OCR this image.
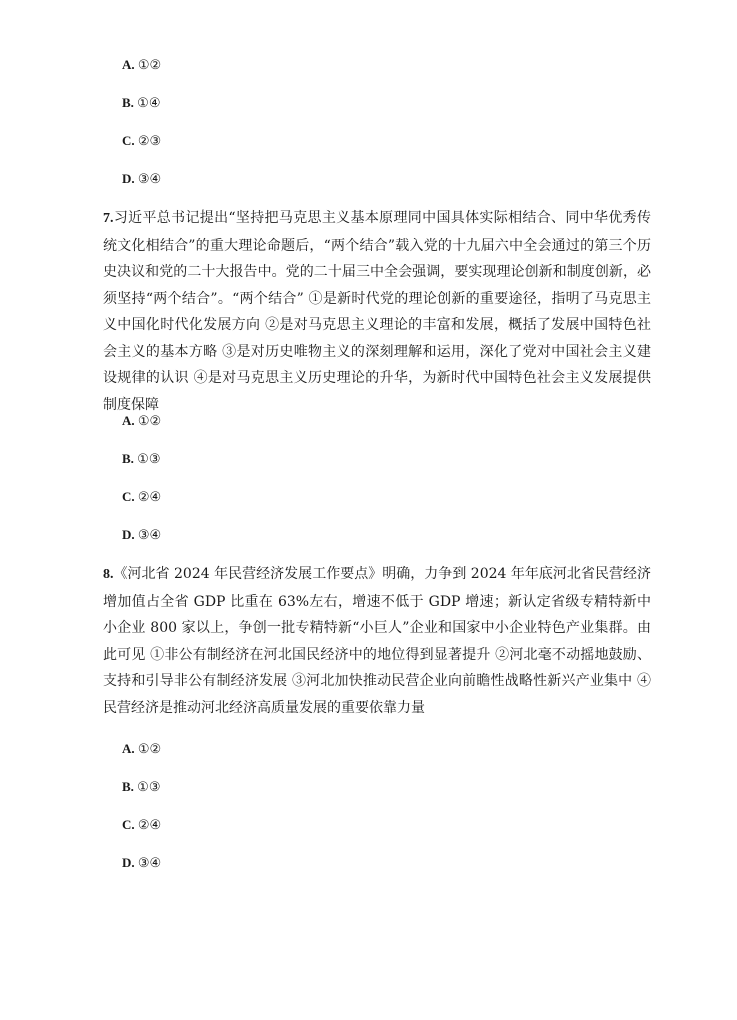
A. ①②
B. ①④
C. ②③
D. ③④
7.习近平总书记提出“坚持把马克思主义基本原理同中国具体实际相结合、同中华优秀传统文化相结合”的重大理论命题后，“两个结合”载入党的十九届六中全会通过的第三个历史决议和党的二十大报告中。党的二十届三中全会强调，要实现理论创新和制度创新，必须坚持“两个结合”。“两个结合” ①是新时代党的理论创新的重要途径，指明了马克思主义中国化时代化发展方向 ②是对马克思主义理论的丰富和发展，概括了发展中国特色社会主义的基本方略 ③是对历史唯物主义的深刻理解和运用，深化了党对中国社会主义建设规律的认识 ④是对马克思主义历史理论的升华，为新时代中国特色社会主义发展提供制度保障
A. ①②
B. ①③
C. ②④
D. ③④
8.《河北省 2024 年民营经济发展工作要点》明确，力争到 2024 年年底河北省民营经济增加值占全省 GDP 比重在 63%左右，增速不低于 GDP 增速；新认定省级专精特新中小企业 800 家以上，争创一批专精特新“小巨人”企业和国家中小企业特色产业集群。由此可见 ①非公有制经济在河北国民经济中的地位得到显著提升 ②河北毫不动摇地鼓励、支持和引导非公有制经济发展 ③河北加快推动民营企业向前瞻性战略性新兴产业集中 ④民营经济是推动河北经济高质量发展的重要依靠力量
A. ①②
B. ①③
C. ②④
D. ③④
